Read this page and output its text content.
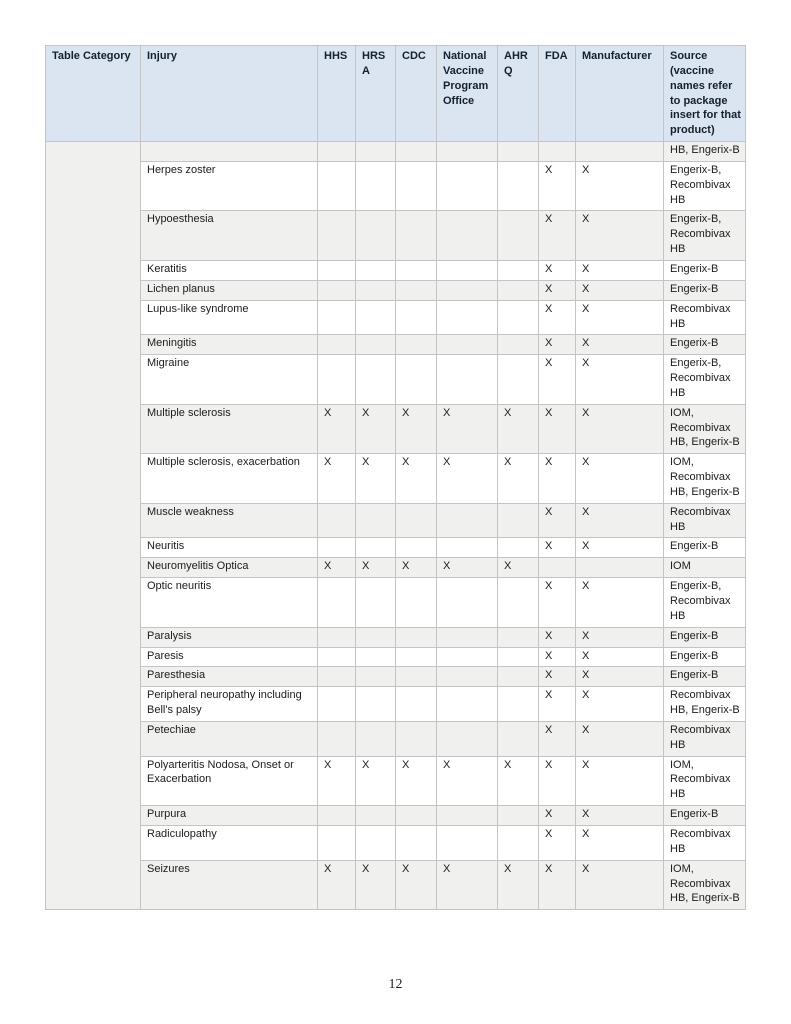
Table Category	Injury	HHS	HRSA	CDC	National Vaccine Program Office	AHRQ	FDA	Manufacturer	Source (vaccine names refer to package insert for that product)
									HB, Engerix-B
	Herpes zoster						X	X	Engerix-B, Recombivax HB
	Hypoesthesia						X	X	Engerix-B, Recombivax HB
	Keratitis						X	X	Engerix-B
	Lichen planus						X	X	Engerix-B
	Lupus-like syndrome						X	X	Recombivax HB
	Meningitis						X	X	Engerix-B
	Migraine						X	X	Engerix-B, Recombivax HB
	Multiple sclerosis	X	X	X	X	X	X	X	IOM, Recombivax HB, Engerix-B
	Multiple sclerosis, exacerbation	X	X	X	X	X	X	X	IOM, Recombivax HB, Engerix-B
	Muscle weakness						X	X	Recombivax HB
	Neuritis						X	X	Engerix-B
	Neuromyelitis Optica	X	X	X	X	X			IOM
	Optic neuritis						X	X	Engerix-B, Recombivax HB
	Paralysis						X	X	Engerix-B
	Paresis						X	X	Engerix-B
	Paresthesia						X	X	Engerix-B
	Peripheral neuropathy including Bell's palsy						X	X	Recombivax HB, Engerix-B
	Petechiae						X	X	Recombivax HB
	Polyarteritis Nodosa, Onset or Exacerbation	X	X	X	X	X	X	X	IOM, Recombivax HB
	Purpura						X	X	Engerix-B
	Radiculopathy						X	X	Recombivax HB
	Seizures	X	X	X	X	X	X	X	IOM, Recombivax HB, Engerix-B
12
